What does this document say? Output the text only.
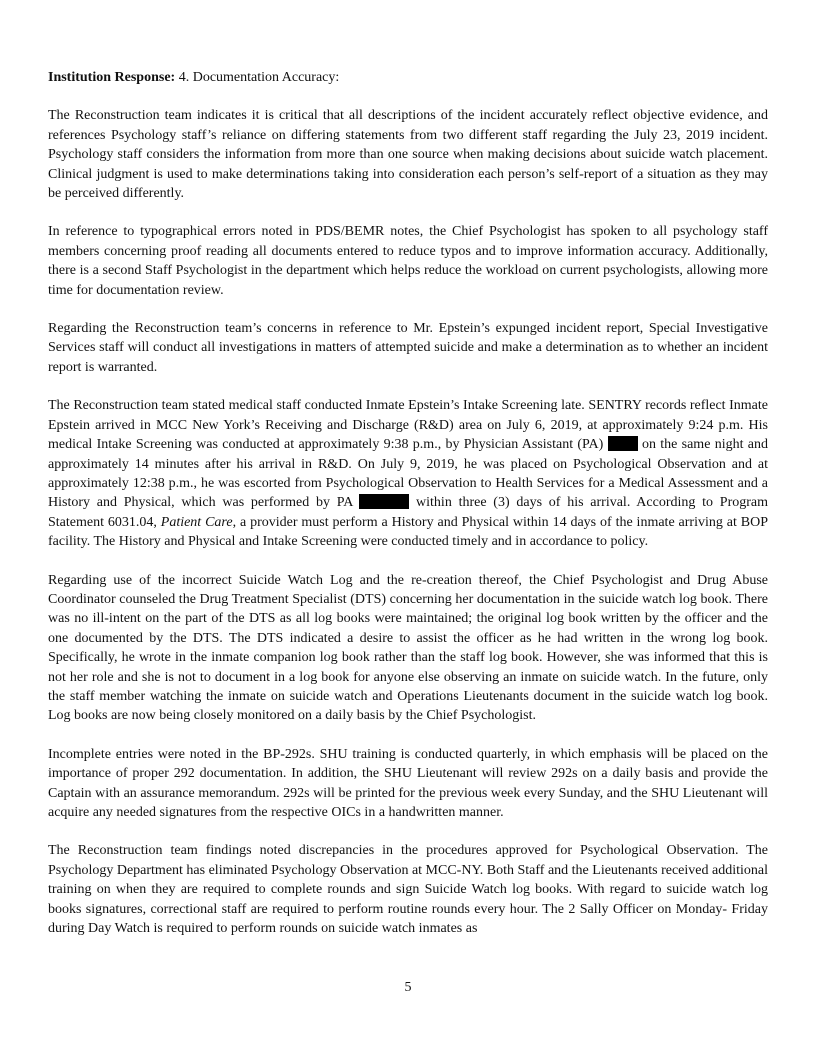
Institution Response: 4. Documentation Accuracy:

The Reconstruction team indicates it is critical that all descriptions of the incident accurately reflect objective evidence, and references Psychology staff’s reliance on differing statements from two different staff regarding the July 23, 2019 incident. Psychology staff considers the information from more than one source when making decisions about suicide watch placement. Clinical judgment is used to make determinations taking into consideration each person’s self-report of a situation as they may be perceived differently.

In reference to typographical errors noted in PDS/BEMR notes, the Chief Psychologist has spoken to all psychology staff members concerning proof reading all documents entered to reduce typos and to improve information accuracy. Additionally, there is a second Staff Psychologist in the department which helps reduce the workload on current psychologists, allowing more time for documentation review.

Regarding the Reconstruction team’s concerns in reference to Mr. Epstein’s expunged incident report, Special Investigative Services staff will conduct all investigations in matters of attempted suicide and make a determination as to whether an incident report is warranted.

The Reconstruction team stated medical staff conducted Inmate Epstein’s Intake Screening late. SENTRY records reflect Inmate Epstein arrived in MCC New York’s Receiving and Discharge (R&D) area on July 6, 2019, at approximately 9:24 p.m. His medical Intake Screening was conducted at approximately 9:38 p.m., by Physician Assistant (PA)  on the same night and approximately 14 minutes after his arrival in R&D. On July 9, 2019, he was placed on Psychological Observation and at approximately 12:38 p.m., he was escorted from Psychological Observation to Health Services for a Medical Assessment and a History and Physical, which was performed by PA	within three (3) days of his arrival. According to Program Statement 6031.04, Patient Care, a provider must perform a History and Physical within 14 days of the inmate arriving at BOP facility. The History and Physical and Intake Screening were conducted timely and in accordance to policy.

Regarding use of the incorrect Suicide Watch Log and the re-creation thereof, the Chief Psychologist and Drug Abuse Coordinator counseled the Drug Treatment Specialist (DTS) concerning her documentation in the suicide watch log book. There was no ill-intent on the part of the DTS as all log books were maintained; the original log book written by the officer and the one documented by the DTS. The DTS indicated a desire to assist the officer as he had written in the wrong log book. Specifically, he wrote in the inmate companion log book rather than the staff log book. However, she was informed that this is not her role and she is not to document in a log book for anyone else observing an inmate on suicide watch. In the future, only the staff member watching the inmate on suicide watch and Operations Lieutenants document in the suicide watch log book. Log books are now being closely monitored on a daily basis by the Chief Psychologist.

Incomplete entries were noted in the BP-292s. SHU training is conducted quarterly, in which emphasis will be placed on the importance of proper 292 documentation. In addition, the SHU Lieutenant will review 292s on a daily basis and provide the Captain with an assurance memorandum. 292s will be printed for the previous week every Sunday, and the SHU Lieutenant will acquire any needed signatures from the respective OICs in a handwritten manner.

The Reconstruction team findings noted discrepancies in the procedures approved for Psychological Observation. The Psychology Department has eliminated Psychology Observation at MCC-NY. Both Staff and the Lieutenants received additional training on when they are required to complete rounds and sign Suicide Watch log books. With regard to suicide watch log books signatures, correctional staff are required to perform routine rounds every hour. The 2 Sally Officer on Monday- Friday during Day Watch is required to perform rounds on suicide watch inmates as

5
